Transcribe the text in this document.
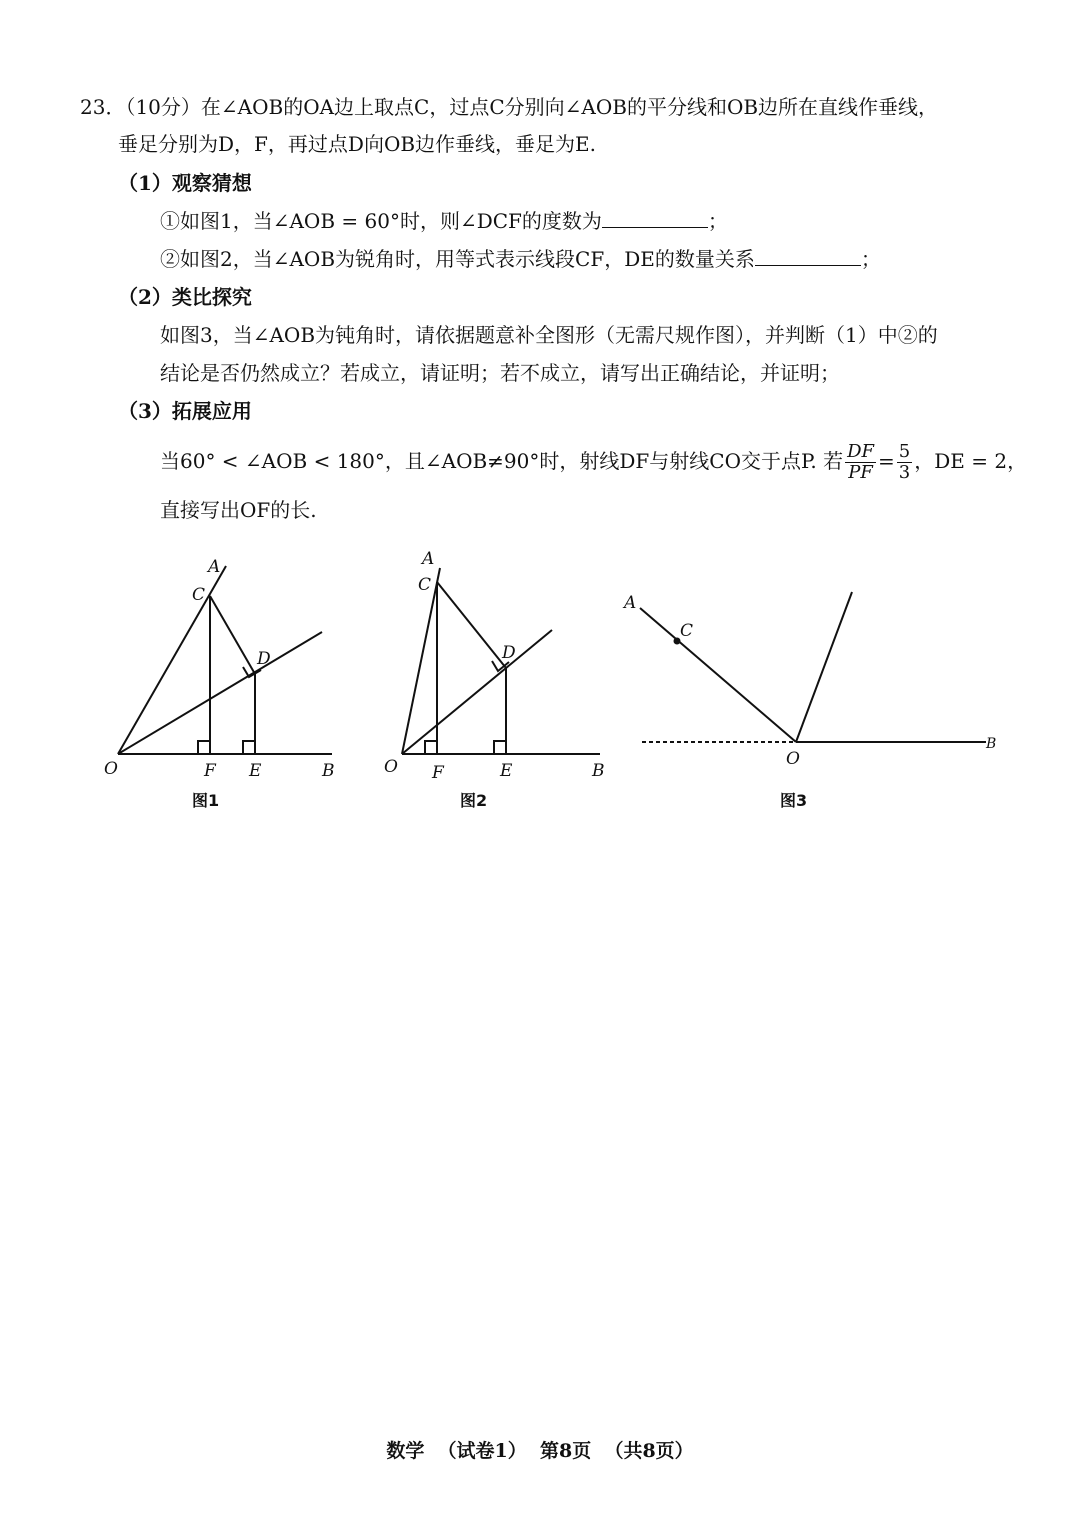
23．（10分）在∠AOB的OA边上取点C，过点C分别向∠AOB的平分线和OB边所在直线作垂线，
垂足分别为D，F，再过点D向OB边作垂线，垂足为E.
（1）观察猜想
①如图1，当∠AOB = 60°时，则∠DCF的度数为	；
②如图2，当∠AOB为锐角时，用等式表示线段CF，DE的数量关系	；
（2）类比探究
如图3，当∠AOB为钝角时，请依据题意补全图形（无需尺规作图），并判断（1）中②的
结论是否仍然成立？若成立，请证明；若不成立，请写出正确结论，并证明；
（3）拓展应用
当60° < ∠AOB < 180°，且∠AOB≠90°时，射线DF与射线CO交于点P. 若 $\frac{DF}{PF} = \frac{5}{3}$ ，DE = 2，
直接写出OF的长.
A
C
D
O	F E	B
图1
A
C
D
O F	E	B
图2
A
C
O
B
图3
数学  （试卷1）  第8页  （共8页）
